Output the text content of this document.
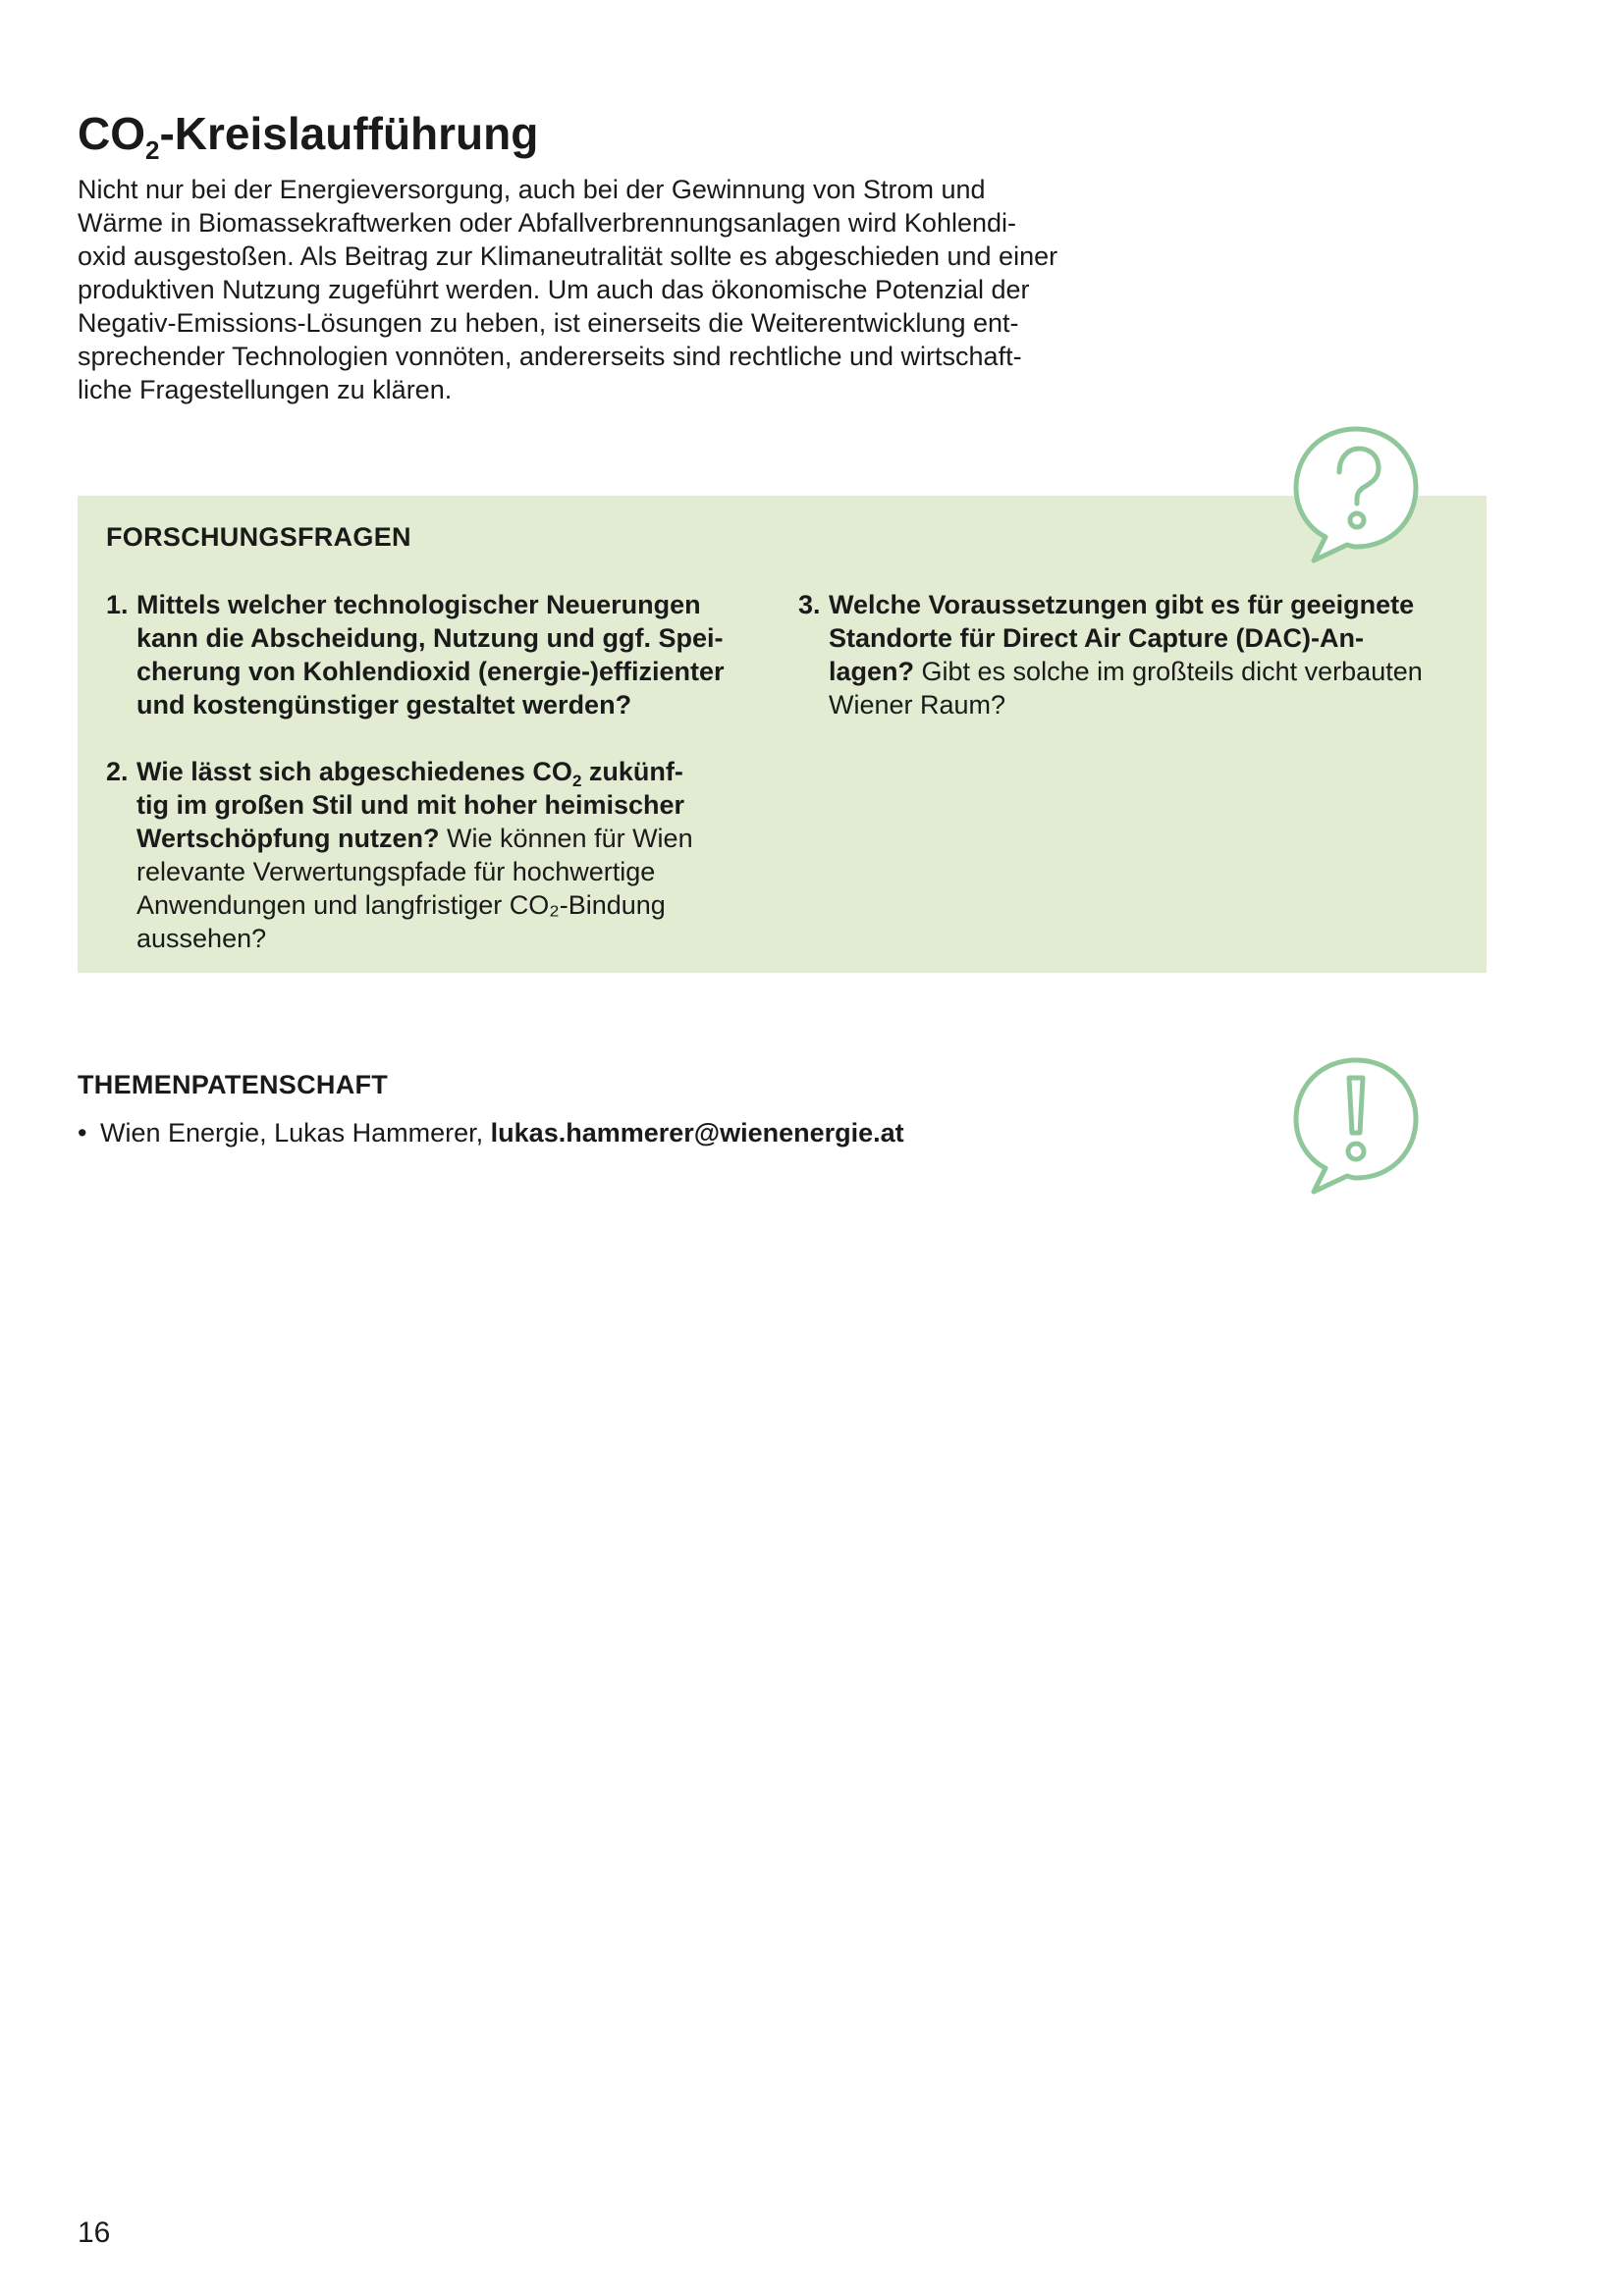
$CO_2$-Kreislaufführung

Nicht nur bei der Energieversorgung, auch bei der Gewinnung von Strom und
Wärme in Biomassekraftwerken oder Abfallverbrennungsanlagen wird Kohlendi-
oxid ausgestoßen. Als Beitrag zur Klimaneutralität sollte es abgeschieden und einer
produktiven Nutzung zugeführt werden. Um auch das ökonomische Potenzial der
Negativ-Emissions-Lösungen zu heben, ist einerseits die Weiterentwicklung ent-
sprechender Technologien vonnöten, andererseits sind rechtliche und wirtschaft-
liche Fragestellungen zu klären.

FORSCHUNGSFRAGEN
1. Mittels welcher technologischer Neuerungen
kann die Abscheidung, Nutzung und ggf. Spei-
cherung von Kohlendioxid (energie-)effizienter
und kostengünstiger gestaltet werden?
2. Wie lässt sich abgeschiedenes $CO_2$ zukünf-
tig im großen Stil und mit hoher heimischer
Wertschöpfung nutzen? Wie können für Wien
relevante Verwertungspfade für hochwertige
Anwendungen und langfristiger CO₂-Bindung
aussehen?
3. Welche Voraussetzungen gibt es für geeignete
Standorte für Direct Air Capture (DAC)-An-
lagen? Gibt es solche im großteils dicht verbauten
Wiener Raum?
THEMENPATENSCHAFT
• Wien Energie, Lukas Hammerer, lukas.hammerer@wienenergie.at
16
